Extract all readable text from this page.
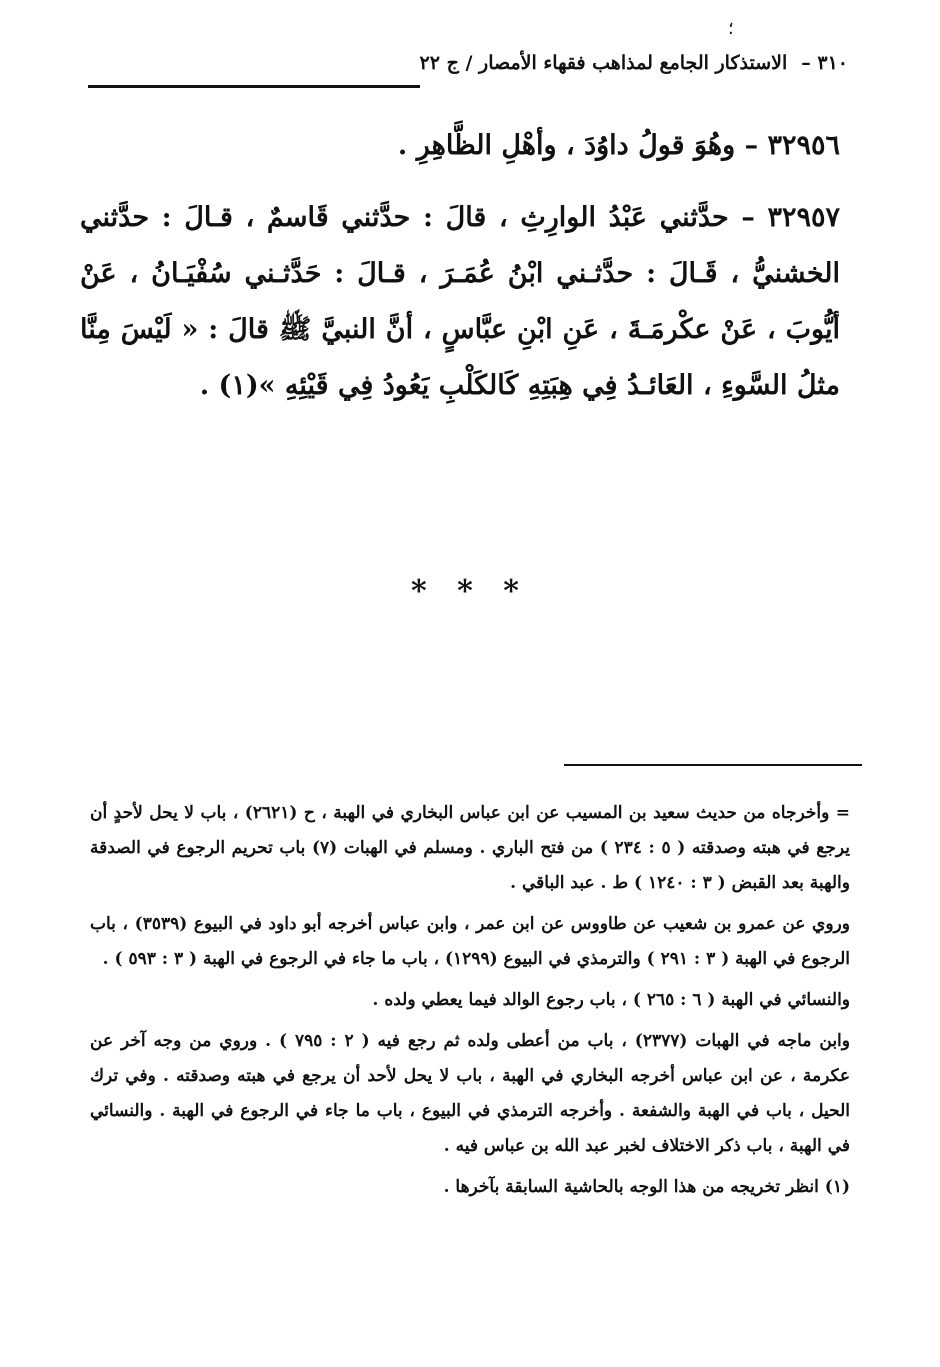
٣١٠ –
الاستذكار الجامع لمذاهب فقهاء الأمصار / ج ٢٢
؛

٣٢٩٥٦ – وهُوَ قولُ داوُدَ ، وأهْلِ الظَّاهِرِ .

٣٢٩٥٧ – حدَّثني عَبْدُ الوارِثِ ، قالَ : حدَّثني قَاسمٌ ، قـالَ : حدَّثني الخشنيُّ ، قَـالَ : حدَّثـني ابْنُ عُمَـرَ ، قـالَ : حَدَّثـني سُفْيَـانُ ، عَنْ أيُّوبَ ، عَنْ عكْرمَـةَ ، عَنِ ابْنِ عبَّاسٍ ، أنَّ النبيَّ ﷺ قالَ : « لَيْسَ مِنَّا مثلُ السَّوءِ ، العَائـدُ فِي هِبَتِهِ كَالكَلْبِ يَعُودُ فِي قَيْئِهِ »(١) .

* * *

= وأخرجاه من حديث سعيد بن المسيب عن ابن عباس البخاري في الهبة ، ح (٢٦٢١) ، باب لا يحل لأحدٍ أن يرجع في هبته وصدقته ( ٥ : ٢٣٤ ) من فتح الباري . ومسلم في الهبات (٧) باب تحريم الرجوع في الصدقة والهبة بعد القبض ( ٣ : ١٢٤٠ ) ط . عبد الباقي .

وروي عن عمرو بن شعيب عن طاووس عن ابن عمر ، وابن عباس أخرجه أبو داود في البيوع (٣٥٣٩) ، باب الرجوع في الهبة ( ٣ : ٢٩١ ) والترمذي في البيوع (١٢٩٩) ، باب ما جاء في الرجوع في الهبة ( ٣ : ٥٩٣ ) .

والنسائي في الهبة ( ٦ : ٢٦٥ ) ، باب رجوع الوالد فيما يعطي ولده .

وابن ماجه في الهبات (٢٣٧٧) ، باب من أعطى ولده ثم رجع فيه ( ٢ : ٧٩٥ ) . وروي من وجه آخر عن عكرمة ، عن ابن عباس أخرجه البخاري في الهبة ، باب لا يحل لأحد أن يرجع في هبته وصدقته . وفي ترك الحيل ، باب في الهبة والشفعة . وأخرجه الترمذي في البيوع ، باب ما جاء في الرجوع في الهبة . والنسائي في الهبة ، باب ذكر الاختلاف لخبر عبد الله بن عباس فيه .

(١) انظر تخريجه من هذا الوجه بالحاشية السابقة بآخرها .
